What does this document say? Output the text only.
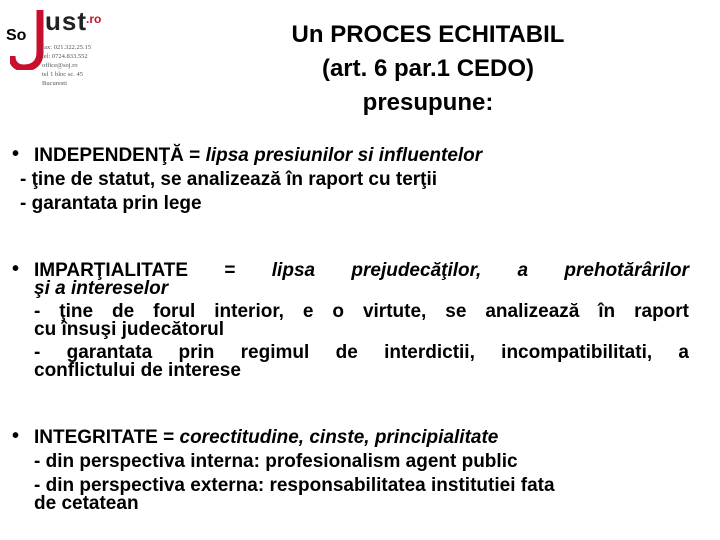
So ust .ro
fax: 021.322.25.15
tel: 0724.833.552
office@soj.ro
tel 1 bloc sc. 45
Bucuresti
Un PROCES ECHITABIL
(art. 6 par.1 CEDO)
presupune:
• INDEPENDENŢĂ = lipsa presiunilor si influentelor
- ţine de statut, se analizează în raport cu terţii
- garantata prin lege
• IMPARŢIALITATE = lipsa prejudecăţilor, a prehotărârilor
şi a intereselor
- ţine de forul interior, e o virtute, se analizează în raport
cu însuşi judecătorul
- garantata prin regimul de interdictii, incompatibilitati, a
conflictului de interese
• INTEGRITATE = corectitudine, cinste, principialitate
- din perspectiva interna: profesionalism agent public
- din perspectiva externa: responsabilitatea institutiei fata
de cetatean
